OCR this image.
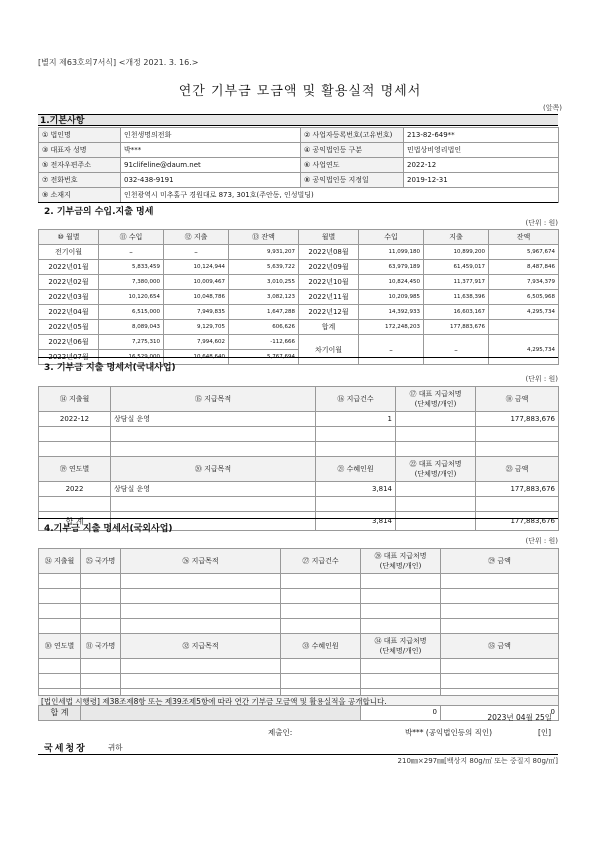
[별지 제63호의7서식] <개정 2021. 3. 16.>
연간 기부금 모금액 및 활용실적 명세서
(앞쪽)
1.기본사항
① 법인명	인천생명의전화	② 사업자등록번호(고유번호)	213-82-649**
③ 대표자 성명	박***	④ 공익법인등 구분	민법상비영리법인
⑤ 전자우편주소	91clifeline@daum.net	⑥ 사업연도	2022-12
⑦ 전화번호	032-438-9191	⑧ 공익법인등 지정일	2019-12-31
⑨ 소재지	인천광역시 미추홀구 경원대로 873, 301호(주안동, 인성빌딩)		
2. 기부금의 수입.지출 명세
(단위 : 원)
⑩ 월별	⑪ 수입	⑫ 지출	⑬ 잔액	월별	수입	지출	잔액
전기이월	–	–	9,931,207	2022년08월	11,099,180	10,899,200	5,967,674
2022년01월	5,833,459	10,124,944	5,639,722	2022년09월	63,979,189	61,459,017	8,487,846
2022년02월	7,380,000	10,009,467	3,010,255	2022년10월	10,824,450	11,377,917	7,934,379
2022년03월	10,120,654	10,048,786	3,082,123	2022년11월	10,209,985	11,638,396	6,505,968
2022년04월	6,515,000	7,949,835	1,647,288	2022년12월	14,392,933	16,603,167	4,295,734
2022년05월	8,089,043	9,129,705	606,626	합계	172,248,203	177,883,676	
2022년06월	7,275,310	7,994,602	-112,666	차기이월	–	–	4,295,734
2022년07월	16,529,000	10,648,640	5,767,694				
3. 기부금 지출 명세서(국내사업)
(단위 : 원)
⑭ 지출월	⑮ 지급목적	⑯ 지급건수	⑰ 대표 지급처명
(단체명/개인)	⑱ 금액
2022-12	상담실 운영	1		177,883,676

⑲ 연도별	⑳ 지급목적	㉑ 수혜인원	㉒ 대표 지급처명
(단체명/개인)	㉓ 금액
2022	상담실 운영	3,814		177,883,676

합 계		3,814		177,883,676
4.기부금 지출 명세서(국외사업)
(단위 : 원)
㉔ 지출월	㉕ 국가명	㉖ 지급목적	㉗ 지급건수	㉘ 대표 지급처명
(단체명/개인)	㉙ 금액

㉚ 연도별	㉛ 국가명	㉜ 지급목적	㉝ 수혜인원	㉞ 대표 지급처명
(단체명/개인)	㉟ 금액

합 계				0	0
[법인세법 시행령] 제38조제8항 또는 제39조제5항에 따라 연간 기부금 모금액 및 활용실적을 공개합니다.
2023년 04월 25일
제출인:	박*** (공익법인등의 직인)	[인]
국세청장	귀하
210㎜×297㎜[백상지 80g/㎡ 또는 중질지 80g/㎡]
